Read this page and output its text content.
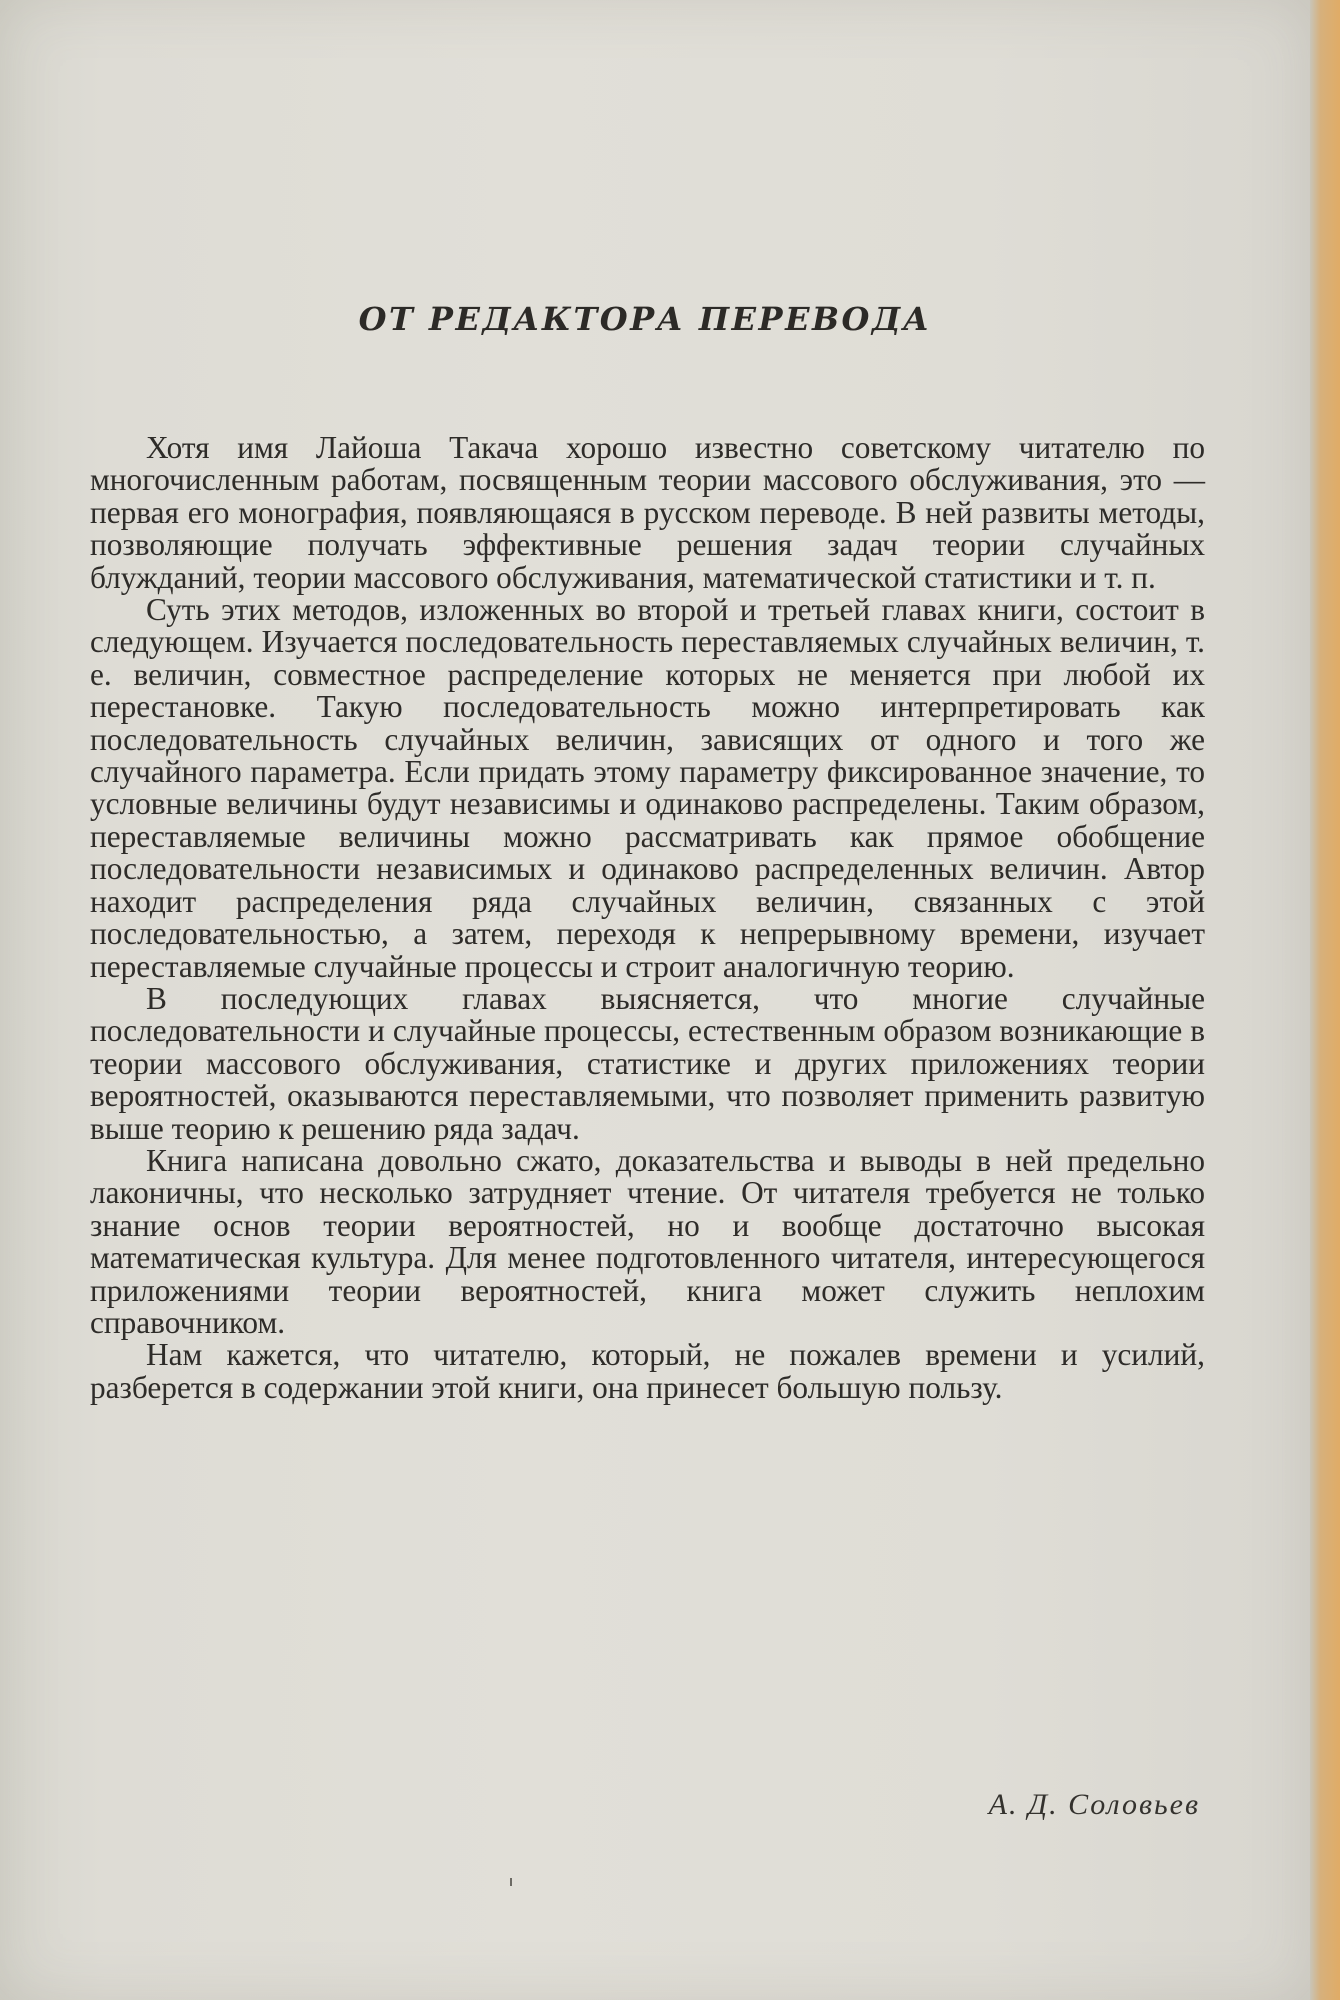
ОТ РЕДАКТОРА ПЕРЕВОДА

Хотя имя Лайоша Такача хорошо известно советскому читателю по многочисленным работам, посвященным теории массового обслуживания, это — первая его монография, появляющаяся в русском переводе. В ней развиты методы, позволяющие получать эффективные решения задач теории случайных блужданий, теории массового обслуживания, математической статистики и т. п.

Суть этих методов, изложенных во второй и третьей главах книги, состоит в следующем. Изучается последовательность переставляемых случайных величин, т. е. величин, совместное распределение которых не меняется при любой их перестановке. Такую последовательность можно интерпретировать как последовательность случайных величин, зависящих от одного и того же случайного параметра. Если придать этому параметру фиксированное значение, то условные величины будут независимы и одинаково распределены. Таким образом, переставляемые величины можно рассматривать как прямое обобщение последовательности независимых и одинаково распределенных величин. Автор находит распределения ряда случайных величин, связанных с этой последовательностью, а затем, переходя к непрерывному времени, изучает переставляемые случайные процессы и строит аналогичную теорию.

В последующих главах выясняется, что многие случайные последовательности и случайные процессы, естественным образом возникающие в теории массового обслуживания, статистике и других приложениях теории вероятностей, оказываются переставляемыми, что позволяет применить развитую выше теорию к решению ряда задач.

Книга написана довольно сжато, доказательства и выводы в ней предельно лаконичны, что несколько затрудняет чтение. От читателя требуется не только знание основ теории вероятностей, но и вообще достаточно высокая математическая культура. Для менее подготовленного читателя, интересующегося приложениями теории вероятностей, книга может служить неплохим справочником.

Нам кажется, что читателю, который, не пожалев времени и усилий, разберется в содержании этой книги, она принесет большую пользу.

А. Д. Соловьев
